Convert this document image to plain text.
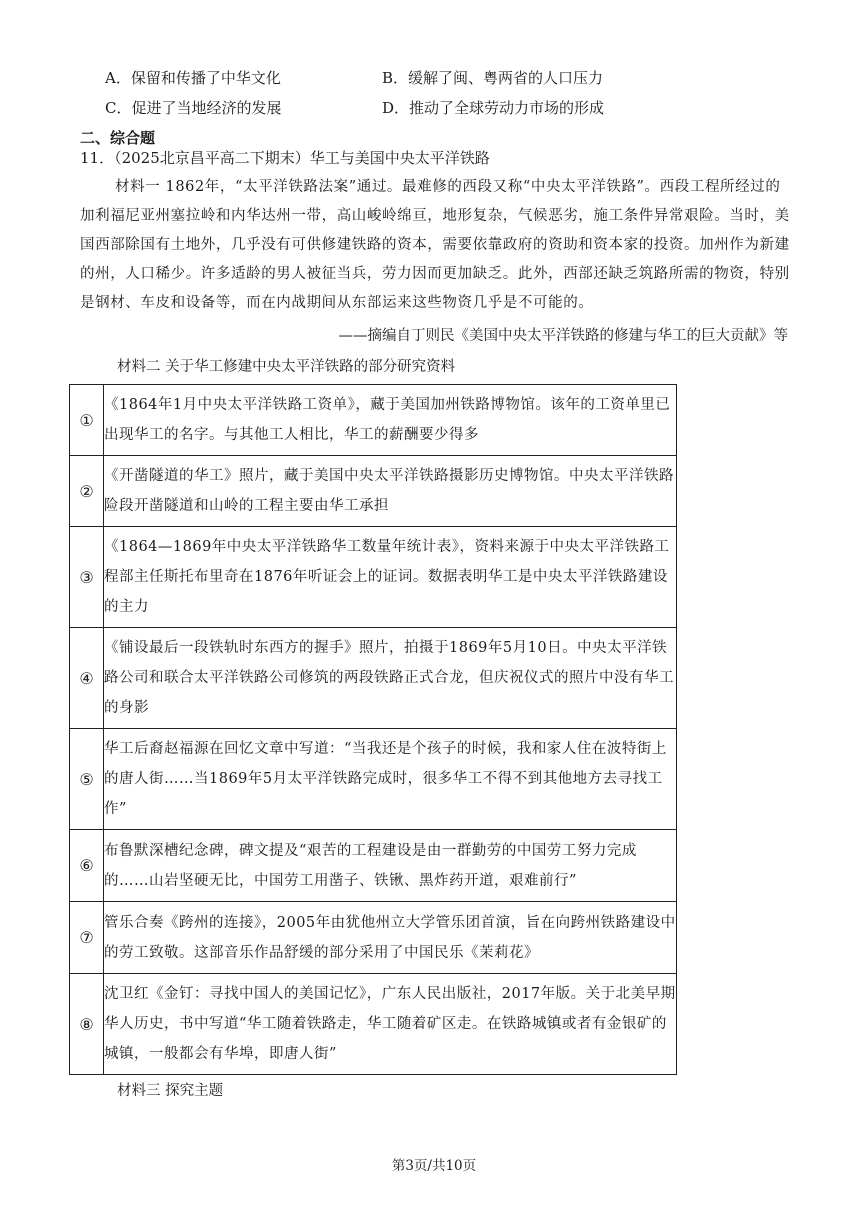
A．保留和传播了中华文化	B．缓解了闽、粤两省的人口压力
C．促进了当地经济的发展	D．推动了全球劳动力市场的形成
二、综合题
11．（2025北京昌平高二下期末）华工与美国中央太平洋铁路
材料一 1862年，“太平洋铁路法案”通过。最难修的西段又称“中央太平洋铁路”。西段工程所经过的加利福尼亚州塞拉岭和内华达州一带，高山峻岭绵亘，地形复杂，气候恶劣，施工条件异常艰险。当时，美国西部除国有土地外，几乎没有可供修建铁路的资本，需要依靠政府的资助和资本家的投资。加州作为新建的州，人口稀少。许多适龄的男人被征当兵，劳力因而更加缺乏。此外，西部还缺乏筑路所需的物资，特别是钢材、车皮和设备等，而在内战期间从东部运来这些物资几乎是不可能的。
——摘编自丁则民《美国中央太平洋铁路的修建与华工的巨大贡献》等
材料二 关于华工修建中央太平洋铁路的部分研究资料
①	《1864年1月中央太平洋铁路工资单》，藏于美国加州铁路博物馆。该年的工资单里已出现华工的名字。与其他工人相比，华工的薪酬要少得多
②	《开凿隧道的华工》照片，藏于美国中央太平洋铁路摄影历史博物馆。中央太平洋铁路险段开凿隧道和山岭的工程主要由华工承担
③	《1864—1869年中央太平洋铁路华工数量年统计表》，资料来源于中央太平洋铁路工程部主任斯托布里奇在1876年听证会上的证词。数据表明华工是中央太平洋铁路建设的主力
④	《铺设最后一段铁轨时东西方的握手》照片，拍摄于1869年5月10日。中央太平洋铁路公司和联合太平洋铁路公司修筑的两段铁路正式合龙，但庆祝仪式的照片中没有华工的身影
⑤	华工后裔赵福源在回忆文章中写道：“当我还是个孩子的时候，我和家人住在波特街上的唐人街……当1869年5月太平洋铁路完成时，很多华工不得不到其他地方去寻找工作”
⑥	布鲁默深槽纪念碑，碑文提及“艰苦的工程建设是由一群勤劳的中国劳工努力完成的……山岩坚硬无比，中国劳工用凿子、铁锹、黑炸药开道，艰难前行”
⑦	管乐合奏《跨州的连接》，2005年由犹他州立大学管乐团首演，旨在向跨州铁路建设中的劳工致敬。这部音乐作品舒缓的部分采用了中国民乐《茉莉花》
⑧	沈卫红《金钉：寻找中国人的美国记忆》，广东人民出版社，2017年版。关于北美早期华人历史，书中写道“华工随着铁路走，华工随着矿区走。在铁路城镇或者有金银矿的城镇，一般都会有华埠，即唐人街”
材料三 探究主题
第3页/共10页
